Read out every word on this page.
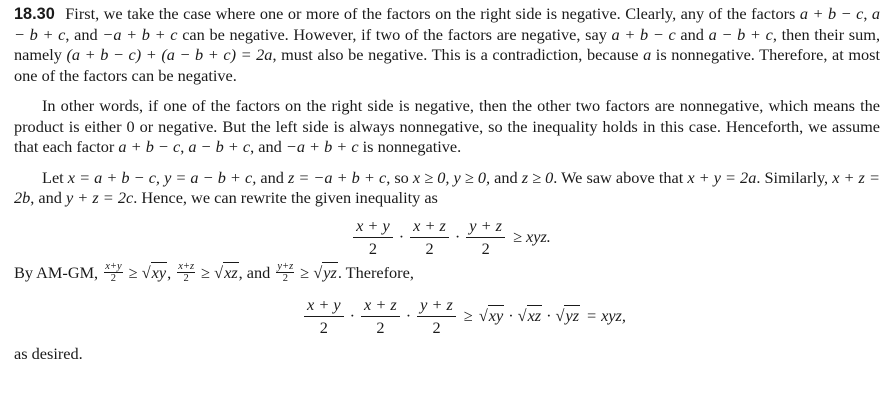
18.30 First, we take the case where one or more of the factors on the right side is negative. Clearly, any of the factors a + b − c, a − b + c, and −a + b + c can be negative. However, if two of the factors are negative, say a + b − c and a − b + c, then their sum, namely (a + b − c) + (a − b + c) = 2a, must also be negative. This is a contradiction, because a is nonnegative. Therefore, at most one of the factors can be negative.

In other words, if one of the factors on the right side is negative, then the other two factors are nonnegative, which means the product is either 0 or negative. But the left side is always nonnegative, so the inequality holds in this case. Henceforth, we assume that each factor a + b − c, a − b + c, and −a + b + c is nonnegative.

Let x = a + b − c, y = a − b + c, and z = −a + b + c, so x ≥ 0, y ≥ 0, and z ≥ 0. We saw above that x + y = 2a. Similarly, x + z = 2b, and y + z = 2c. Hence, we can rewrite the given inequality as

$\frac{x + y}{2} \cdot \frac{x + z}{2} \cdot \frac{y + z}{2}$ ≥ xyz.

By AM-GM, $\frac{x+y}{2} \ge √xy$, $\frac{x+z}{2} \ge √xz$, and $\frac{y+z}{2} \ge √yz$. Therefore,

$\frac{x + y}{2} \cdot \frac{x + z}{2} \cdot \frac{y + z}{2} \ge √xy \cdot √xz \cdot √yz$ = xyz,

as desired.
